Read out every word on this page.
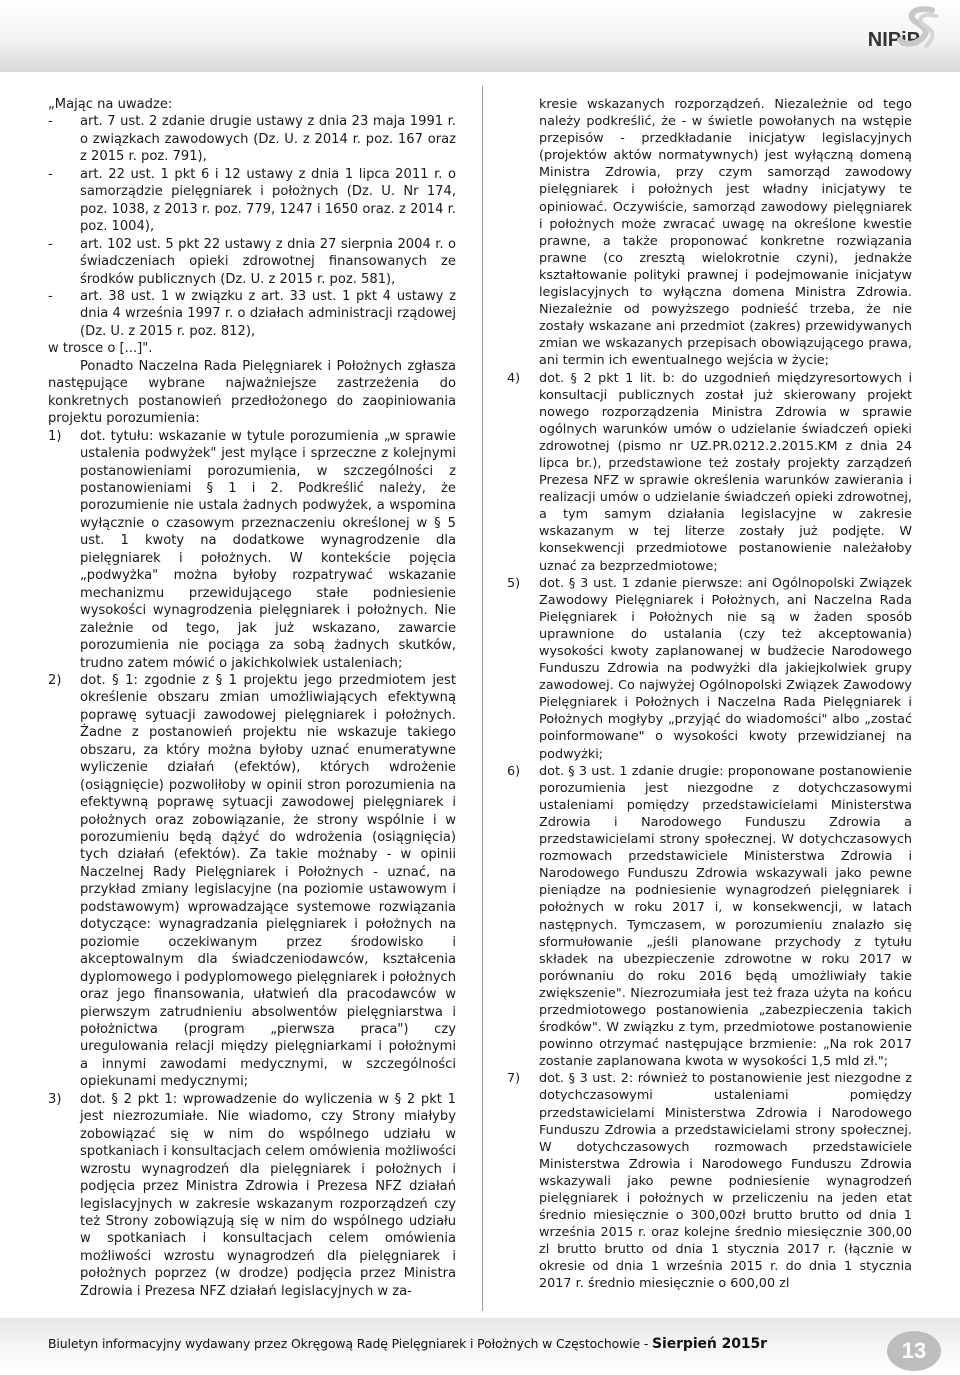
NIPiP

„Mając na uwadze:

-	art. 7 ust. 2 zdanie drugie ustawy z dnia 23 maja 1991 r. o związkach zawodowych (Dz. U. z 2014 r. poz. 167 oraz z 2015 r. poz. 791),
-	art. 22 ust. 1 pkt 6 i 12 ustawy z dnia 1 lipca 2011 r. o samorządzie pielęgniarek i położnych (Dz. U. Nr 174, poz. 1038, z 2013 r. poz. 779, 1247 i 1650 oraz. z 2014 r. poz. 1004),
-	art. 102 ust. 5 pkt 22 ustawy z dnia 27 sierpnia 2004 r. o świadczeniach opieki zdrowotnej finansowanych ze środków publicznych (Dz. U. z 2015 r. poz. 581),
-	art. 38 ust. 1 w związku z art. 33 ust. 1 pkt 4 ustawy z dnia 4 września 1997 r. o działach administracji rządowej (Dz. U. z 2015 r. poz. 812),

w trosce o [...]".

Ponadto Naczelna Rada Pielęgniarek i Położnych zgłasza następujące wybrane najważniejsze zastrzeżenia do konkretnych postanowień przedłożonego do zaopiniowania projektu porozumienia:

1)	dot. tytułu: wskazanie w tytule porozumienia „w sprawie ustalenia podwyżek" jest mylące i sprzeczne z kolejnymi postanowieniami porozumienia, w szczególności z postanowieniami § 1 i 2. Podkreślić należy, że porozumienie nie ustala żadnych podwyżek, a wspomina wyłącznie o czasowym przeznaczeniu określonej w § 5 ust. 1 kwoty na dodatkowe wynagrodzenie dla pielęgniarek i położnych. W kontekście pojęcia „podwyżka" można byłoby rozpatrywać wskazanie mechanizmu przewidującego stałe podniesienie wysokości wynagrodzenia pielęgniarek i położnych. Nie zależnie od tego, jak już wskazano, zawarcie porozumienia nie pociąga za sobą żadnych skutków, trudno zatem mówić o jakichkolwiek ustaleniach;
2)	dot. § 1: zgodnie z § 1 projektu jego przedmiotem jest określenie obszaru zmian umożliwiających efektywną poprawę sytuacji zawodowej pielęgniarek i położnych. Żadne z postanowień projektu nie wskazuje takiego obszaru, za który można byłoby uznać enumeratywne wyliczenie działań (efektów), których wdrożenie (osiągnięcie) pozwoliłoby w opinii stron porozumienia na efektywną poprawę sytuacji zawodowej pielęgniarek i położnych oraz zobowiązanie, że strony wspólnie i w porozumieniu będą dążyć do wdrożenia (osiągnięcia) tych działań (efektów). Za takie możnaby - w opinii Naczelnej Rady Pielęgniarek i Położnych - uznać, na przykład zmiany legislacyjne (na poziomie ustawowym i podstawowym) wprowadzające systemowe rozwiązania dotyczące: wynagradzania pielęgniarek i położnych na poziomie oczekiwanym przez środowisko i akceptowalnym dla świadczeniodawców, kształcenia dyplomowego i podyplomowego pielęgniarek i położnych oraz jego finansowania, ułatwień dla pracodawców w pierwszym zatrudnieniu absolwentów pielęgniarstwa i położnictwa (program „pierwsza praca") czy uregulowania relacji między pielęgniarkami i położnymi a innymi zawodami medycznymi, w szczególności opiekunami medycznymi;
3)	dot. § 2 pkt 1: wprowadzenie do wyliczenia w § 2 pkt 1 jest niezrozumiałe. Nie wiadomo, czy Strony miałyby zobowiązać się w nim do wspólnego udziału w spotkaniach i konsultacjach celem omówienia możliwości wzrostu wynagrodzeń dla pielęgniarek i położnych i podjęcia przez Ministra Zdrowia i Prezesa NFZ działań legislacyjnych w zakresie wskazanym rozporządzeń czy też Strony zobowiązują się w nim do wspólnego udziału w spotkaniach i konsultacjach celem omówienia możliwości wzrostu wynagrodzeń dla pielęgniarek i położnych poprzez (w drodze) podjęcia przez Ministra Zdrowia i Prezesa NFZ działań legislacyjnych w za-

kresie wskazanych rozporządzeń. Niezależnie od tego należy podkreślić, że - w świetle powołanych na wstępie przepisów - przedkładanie inicjatyw legislacyjnych (projektów aktów normatywnych) jest wyłączną domeną Ministra Zdrowia, przy czym samorząd zawodowy pielęgniarek i położnych jest władny inicjatywy te opiniować. Oczywiście, samorząd zawodowy pielęgniarek i położnych może zwracać uwagę na określone kwestie prawne, a także proponować konkretne rozwiązania prawne (co zresztą wielokrotnie czyni), jednakże kształtowanie polityki prawnej i podejmowanie inicjatyw legislacyjnych to wyłączna domena Ministra Zdrowia. Niezależnie od powyższego podnieść trzeba, że nie zostały wskazane ani przedmiot (zakres) przewidywanych zmian we wskazanych przepisach obowiązującego prawa, ani termin ich ewentualnego wejścia w życie;

4)	dot. § 2 pkt 1 lit. b: do uzgodnień międzyresortowych i konsultacji publicznych został już skierowany projekt nowego rozporządzenia Ministra Zdrowia w sprawie ogólnych warunków umów o udzielanie świadczeń opieki zdrowotnej (pismo nr UZ.PR.0212.2.2015.KM z dnia 24 lipca br.), przedstawione też zostały projekty zarządzeń Prezesa NFZ w sprawie określenia warunków zawierania i realizacji umów o udzielanie świadczeń opieki zdrowotnej, a tym samym działania legislacyjne w zakresie wskazanym w tej literze zostały już podjęte. W konsekwencji przedmiotowe postanowienie należałoby uznać za bezprzedmiotowe;
5)	dot. § 3 ust. 1 zdanie pierwsze: ani Ogólnopolski Związek Zawodowy Pielęgniarek i Położnych, ani Naczelna Rada Pielęgniarek i Położnych nie są w żaden sposób uprawnione do ustalania (czy też akceptowania) wysokości kwoty zaplanowanej w budżecie Narodowego Funduszu Zdrowia na podwyżki dla jakiejkolwiek grupy zawodowej. Co najwyżej Ogólnopolski Związek Zawodowy Pielęgniarek i Położnych i Naczelna Rada Pielęgniarek i Położnych mogłyby „przyjąć do wiadomości" albo „zostać poinformowane" o wysokości kwoty przewidzianej na podwyżki;
6)	dot. § 3 ust. 1 zdanie drugie: proponowane postanowienie porozumienia jest niezgodne z dotychczasowymi ustaleniami pomiędzy przedstawicielami Ministerstwa Zdrowia i Narodowego Funduszu Zdrowia a przedstawicielami strony społecznej. W dotychczasowych rozmowach przedstawiciele Ministerstwa Zdrowia i Narodowego Funduszu Zdrowia wskazywali jako pewne pieniądze na podniesienie wynagrodzeń pielęgniarek i położnych w roku 2017 i, w konsekwencji, w latach następnych. Tymczasem, w porozumieniu znalazło się sformułowanie „jeśli planowane przychody z tytułu składek na ubezpieczenie zdrowotne w roku 2017 w porównaniu do roku 2016 będą umożliwiały takie zwiększenie". Niezrozumiała jest też fraza użyta na końcu przedmiotowego postanowienia „zabezpieczenia takich środków". W związku z tym, przedmiotowe postanowienie powinno otrzymać następujące brzmienie: „Na rok 2017 zostanie zaplanowana kwota w wysokości 1,5 mld zł.";
7)	dot. § 3 ust. 2: również to postanowienie jest niezgodne z dotychczasowymi ustaleniami pomiędzy przedstawicielami Ministerstwa Zdrowia i Narodowego Funduszu Zdrowia a przedstawicielami strony społecznej. W dotychczasowych rozmowach przedstawiciele Ministerstwa Zdrowia i Narodowego Funduszu Zdrowia wskazywali jako pewne podniesienie wynagrodzeń pielęgniarek i położnych w przeliczeniu na jeden etat średnio miesięcznie o 300,00zł brutto brutto od dnia 1 września 2015 r. oraz kolejne średnio miesięcznie 300,00 zl brutto brutto od dnia 1 stycznia 2017 r. (łącznie w okresie od dnia 1 września 2015 r. do dnia 1 stycznia 2017 r. średnio miesięcznie o 600,00 zl
Biuletyn informacyjny wydawany przez Okręgową Radę Pielęgniarek i Położnych w Częstochowie - Sierpień 2015r	13
